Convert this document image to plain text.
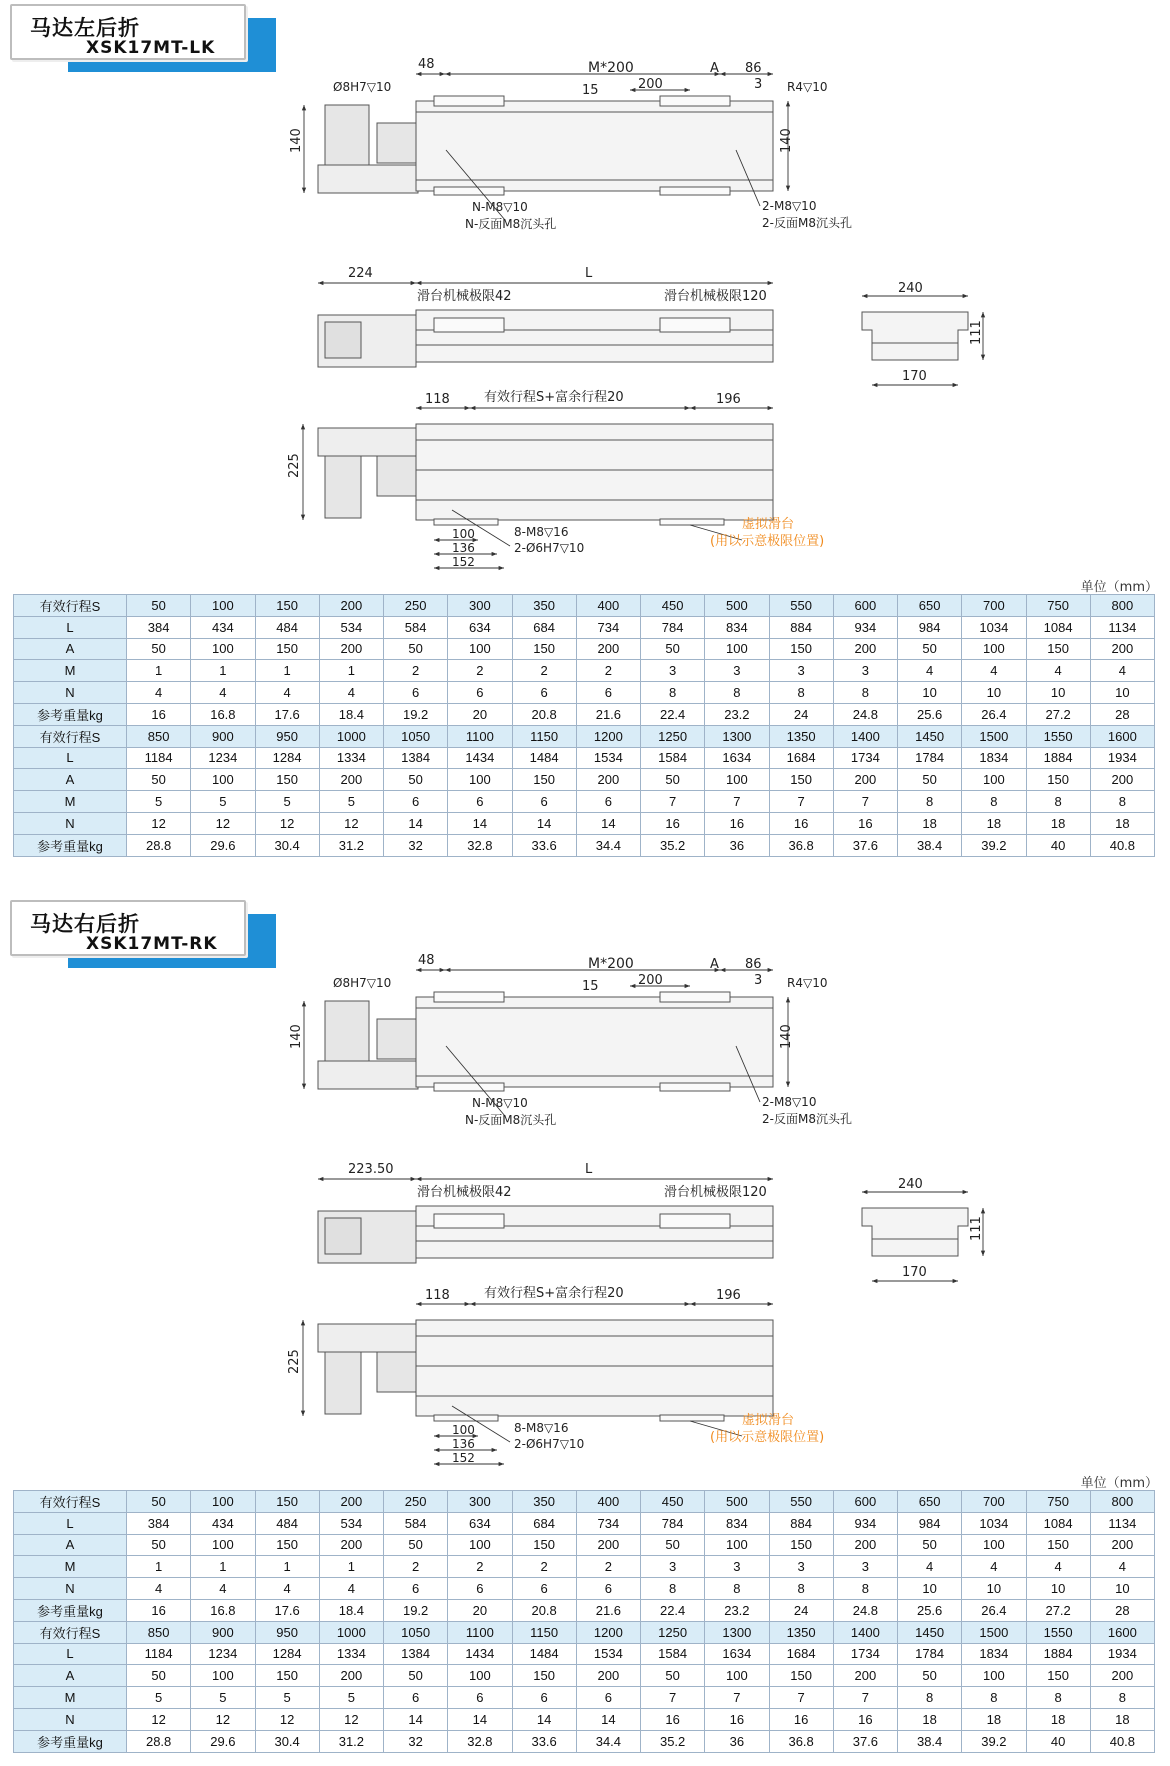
马达左后折
XSK17MT-LK
48	M*200	A 86
15	200	3
Ø8H7▽10	R4▽10
140	140
N-M8▽10
N-反面M8沉头孔
2-M8▽10
2-反面M8沉头孔
224	L
滑台机械极限42	滑台机械极限120
240
111
170
118	有效行程S+富余行程20	196
225
8-M8▽16
2-Ø6H7▽10
100
136
152
虚拟滑台
(用以示意极限位置)
单位（mm）
有效行程S	50	100	150	200	250	300	350	400	450	500	550	600	650	700	750	800
L	384	434	484	534	584	634	684	734	784	834	884	934	984	1034	1084	1134
A	50	100	150	200	50	100	150	200	50	100	150	200	50	100	150	200
M	1	1	1	1	2	2	2	2	3	3	3	3	4	4	4	4
N	4	4	4	4	6	6	6	6	8	8	8	8	10	10	10	10
参考重量kg	16	16.8	17.6	18.4	19.2	20	20.8	21.6	22.4	23.2	24	24.8	25.6	26.4	27.2	28
有效行程S	850	900	950	1000	1050	1100	1150	1200	1250	1300	1350	1400	1450	1500	1550	1600
L	1184	1234	1284	1334	1384	1434	1484	1534	1584	1634	1684	1734	1784	1834	1884	1934
A	50	100	150	200	50	100	150	200	50	100	150	200	50	100	150	200
M	5	5	5	5	6	6	6	6	7	7	7	7	8	8	8	8
N	12	12	12	12	14	14	14	14	16	16	16	16	18	18	18	18
参考重量kg	28.8	29.6	30.4	31.2	32	32.8	33.6	34.4	35.2	36	36.8	37.6	38.4	39.2	40	40.8
马达右后折
XSK17MT-RK
48	M*200	A 86
15	200	3
Ø8H7▽10	R4▽10
140	140
N-M8▽10
N-反面M8沉头孔
2-M8▽10
2-反面M8沉头孔
223.50	L
滑台机械极限42	滑台机械极限120
240
111
170
118	有效行程S+富余行程20	196
225
8-M8▽16
2-Ø6H7▽10
100
136
152
虚拟滑台
(用以示意极限位置)
单位（mm）
有效行程S	50	100	150	200	250	300	350	400	450	500	550	600	650	700	750	800
L	384	434	484	534	584	634	684	734	784	834	884	934	984	1034	1084	1134
A	50	100	150	200	50	100	150	200	50	100	150	200	50	100	150	200
M	1	1	1	1	2	2	2	2	3	3	3	3	4	4	4	4
N	4	4	4	4	6	6	6	6	8	8	8	8	10	10	10	10
参考重量kg	16	16.8	17.6	18.4	19.2	20	20.8	21.6	22.4	23.2	24	24.8	25.6	26.4	27.2	28
有效行程S	850	900	950	1000	1050	1100	1150	1200	1250	1300	1350	1400	1450	1500	1550	1600
L	1184	1234	1284	1334	1384	1434	1484	1534	1584	1634	1684	1734	1784	1834	1884	1934
A	50	100	150	200	50	100	150	200	50	100	150	200	50	100	150	200
M	5	5	5	5	6	6	6	6	7	7	7	7	8	8	8	8
N	12	12	12	12	14	14	14	14	16	16	16	16	18	18	18	18
参考重量kg	28.8	29.6	30.4	31.2	32	32.8	33.6	34.4	35.2	36	36.8	37.6	38.4	39.2	40	40.8
